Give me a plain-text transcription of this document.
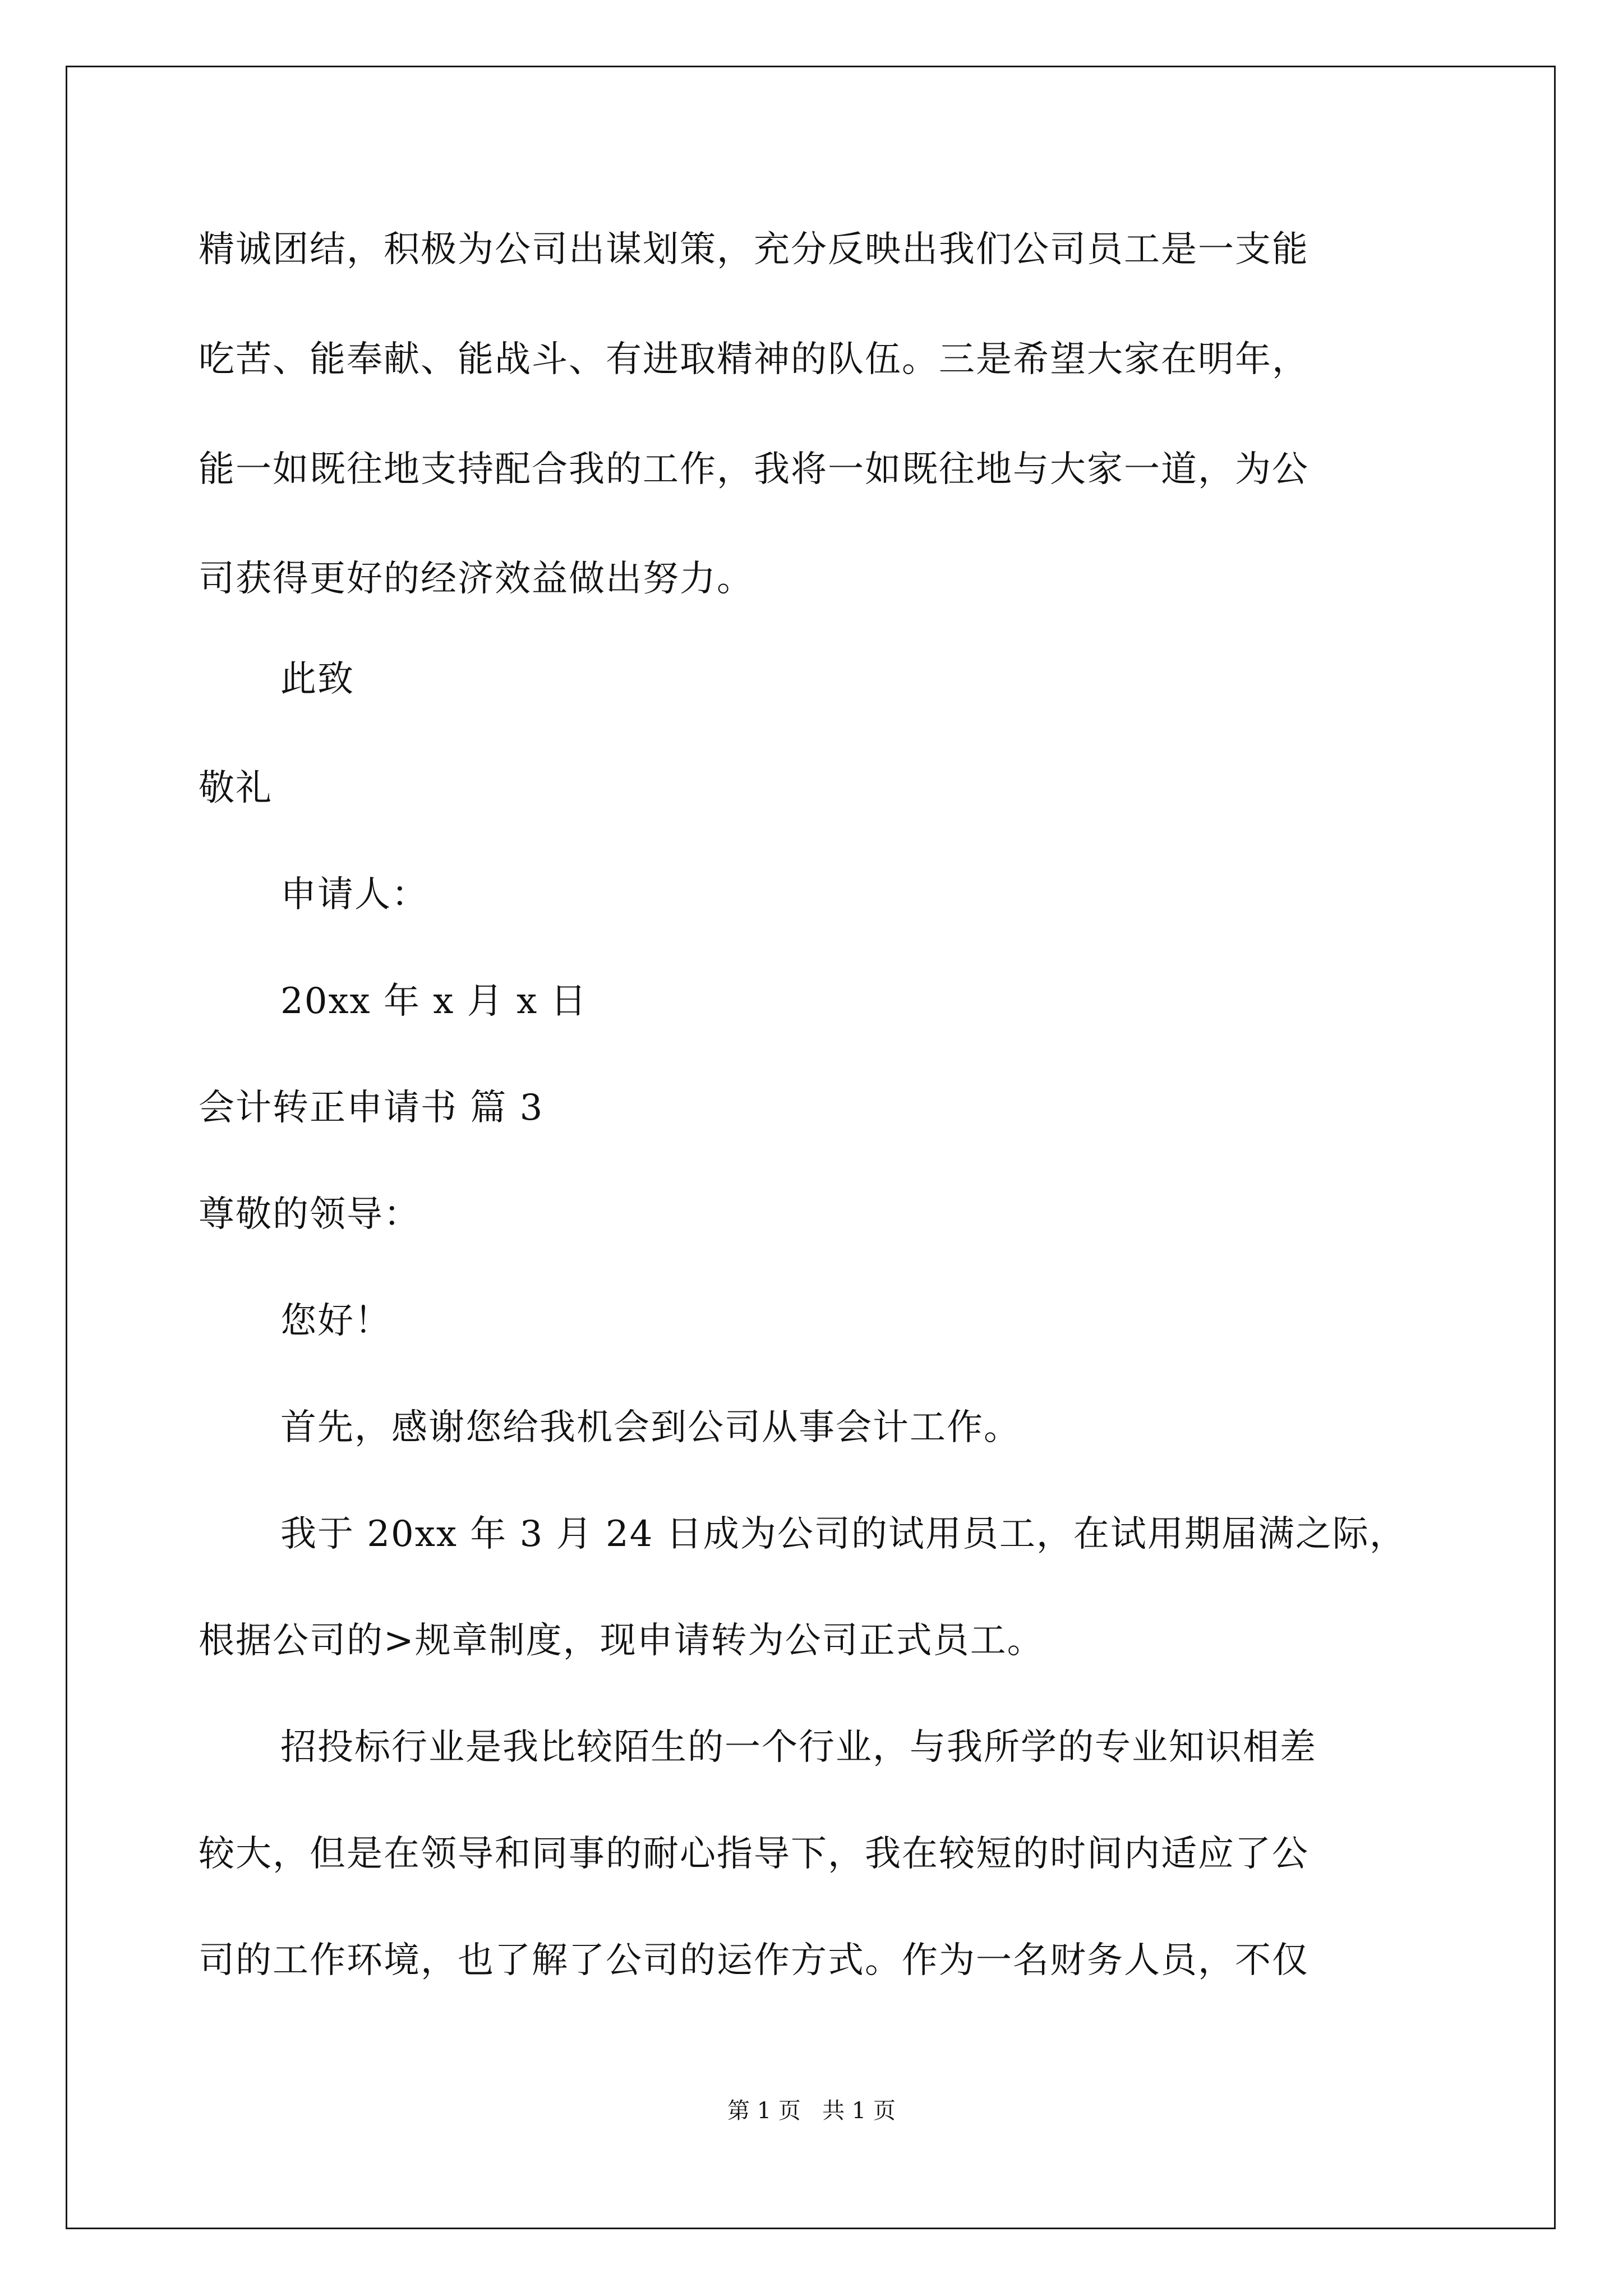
精诚团结，积极为公司出谋划策，充分反映出我们公司员工是一支能
吃苦、能奉献、能战斗、有进取精神的队伍。三是希望大家在明年，
能一如既往地支持配合我的工作，我将一如既往地与大家一道，为公
司获得更好的经济效益做出努力。
此致
敬礼
申请人：
20xx 年 x 月 x 日
会计转正申请书 篇 3
尊敬的领导：
您好！
首先，感谢您给我机会到公司从事会计工作。
我于 20xx 年 3 月 24 日成为公司的试用员工，在试用期届满之际，
根据公司的>规章制度，现申请转为公司正式员工。
招投标行业是我比较陌生的一个行业，与我所学的专业知识相差
较大，但是在领导和同事的耐心指导下，我在较短的时间内适应了公
司的工作环境，也了解了公司的运作方式。作为一名财务人员，不仅
第 1 页   共 1 页
